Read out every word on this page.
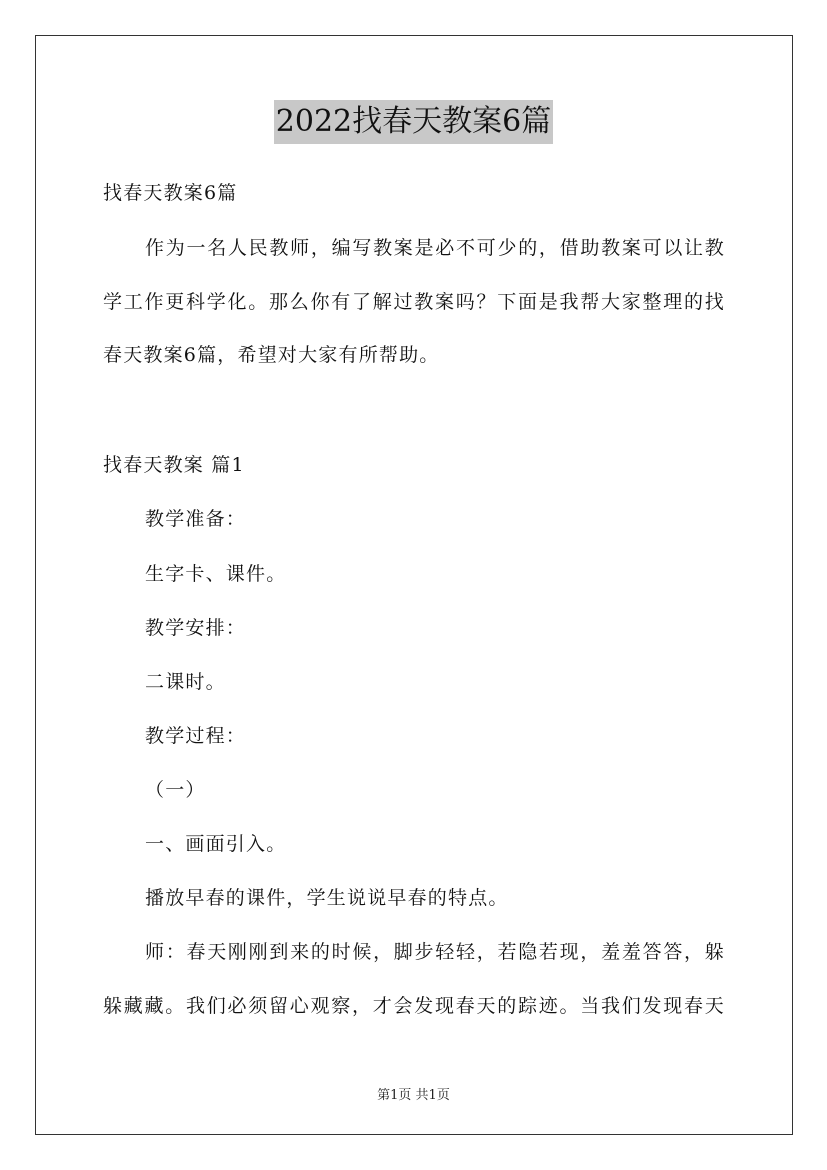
2022找春天教案6篇
找春天教案6篇
作为一名人民教师，编写教案是必不可少的，借助教案可以让教
学工作更科学化。那么你有了解过教案吗？下面是我帮大家整理的找
春天教案6篇，希望对大家有所帮助。
找春天教案 篇1
教学准备：
生字卡、课件。
教学安排：
二课时。
教学过程：
（一）
一、画面引入。
播放早春的课件，学生说说早春的特点。
师：春天刚刚到来的时候，脚步轻轻，若隐若现，羞羞答答，躲
躲藏藏。我们必须留心观察，才会发现春天的踪迹。当我们发现春天
第1页 共1页
